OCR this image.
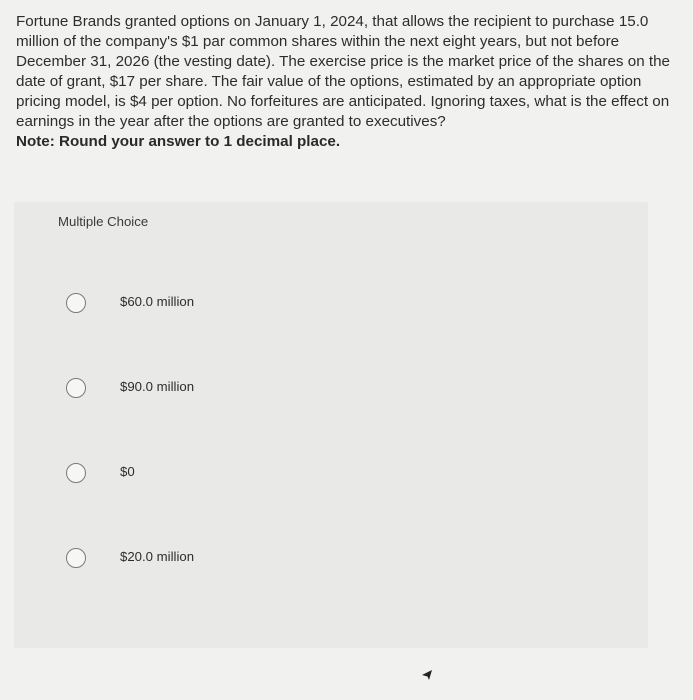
Fortune Brands granted options on January 1, 2024, that allows the recipient to purchase 15.0 million of the company's $1 par common shares within the next eight years, but not before December 31, 2026 (the vesting date). The exercise price is the market price of the shares on the date of grant, $17 per share. The fair value of the options, estimated by an appropriate option pricing model, is $4 per option. No forfeitures are anticipated. Ignoring taxes, what is the effect on earnings in the year after the options are granted to executives?

Note: Round your answer to 1 decimal place.

Multiple Choice
$60.0 million
$90.0 million
$0
$20.0 million
